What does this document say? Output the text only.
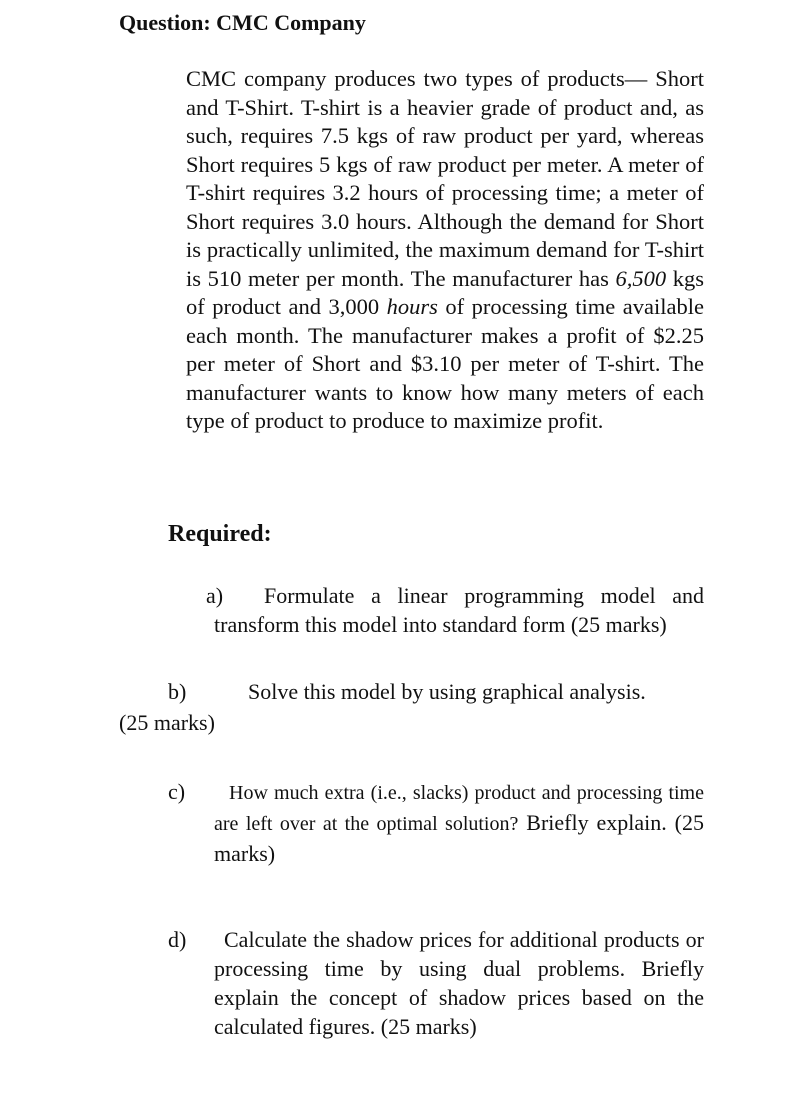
Question: CMC Company
CMC company produces two types of products— Short and T-Shirt. T-shirt is a heavier grade of product and, as such, requires 7.5 kgs of raw product per yard, whereas Short requires 5 kgs of raw product per meter. A meter of T-shirt requires 3.2 hours of processing time; a meter of Short requires 3.0 hours. Although the demand for Short is practically unlimited, the maximum demand for T-shirt is 510 meter per month. The manufacturer has 6,500 kgs of product and 3,000 hours of processing time available each month. The manufacturer makes a profit of $2.25 per meter of Short and $3.10 per meter of T-shirt. The manufacturer wants to know how many meters of each type of product to produce to maximize profit.
Required:
a)	Formulate a linear programming model and transform this model into standard form (25 marks)
b)	Solve this model by using graphical analysis.
(25 marks)
c)	How much extra (i.e., slacks) product and processing time are left over at the optimal solution? Briefly explain. (25 marks)
d)	Calculate the shadow prices for additional products or processing time by using dual problems. Briefly explain the concept of shadow prices based on the calculated figures. (25 marks)
